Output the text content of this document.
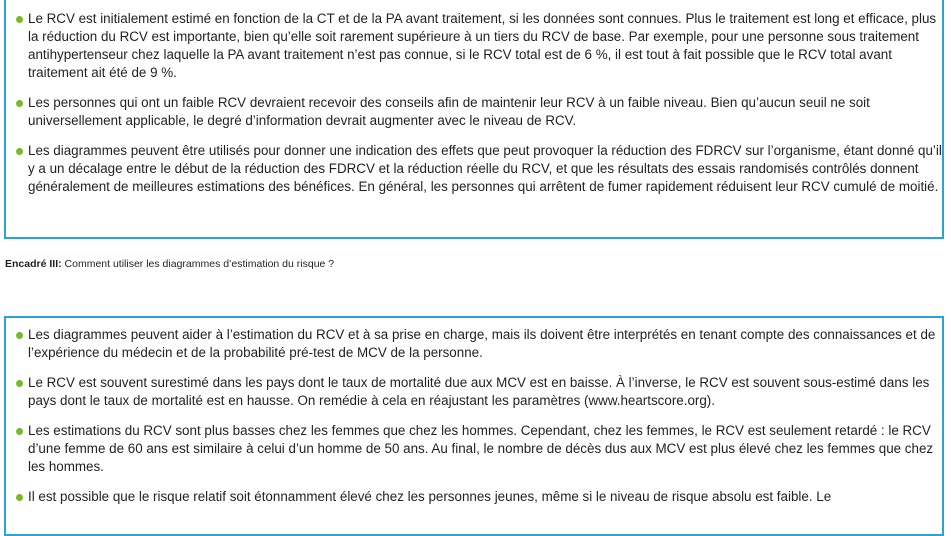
Le RCV est initialement estimé en fonction de la CT et de la PA avant traitement, si les données sont connues. Plus le traitement est long et efficace, plus la réduction du RCV est importante, bien qu’elle soit rarement supérieure à un tiers du RCV de base. Par exemple, pour une personne sous traitement antihypertenseur chez laquelle la PA avant traitement n’est pas connue, si le RCV total est de 6 %, il est tout à fait possible que le RCV total avant traitement ait été de 9 %.
Les personnes qui ont un faible RCV devraient recevoir des conseils afin de maintenir leur RCV à un faible niveau. Bien qu’aucun seuil ne soit universellement applicable, le degré d’information devrait augmenter avec le niveau de RCV.
Les diagrammes peuvent être utilisés pour donner une indication des effets que peut provoquer la réduction des FDRCV sur l’organisme, étant donné qu’il y a un décalage entre le début de la réduction des FDRCV et la réduction réelle du RCV, et que les résultats des essais randomisés contrôlés donnent généralement de meilleures estimations des bénéfices. En général, les personnes qui arrêtent de fumer rapidement réduisent leur RCV cumulé de moitié.
Encadré III: Comment utiliser les diagrammes d’estimation du risque ?
Les diagrammes peuvent aider à l’estimation du RCV et à sa prise en charge, mais ils doivent être interprétés en tenant compte des connaissances et de l’expérience du médecin et de la probabilité pré-test de MCV de la personne.
Le RCV est souvent surestimé dans les pays dont le taux de mortalité due aux MCV est en baisse. À l’inverse, le RCV est souvent sous-estimé dans les pays dont le taux de mortalité est en hausse. On remédie à cela en réajustant les paramètres (www.heartscore.org).
Les estimations du RCV sont plus basses chez les femmes que chez les hommes. Cependant, chez les femmes, le RCV est seulement retardé : le RCV d’une femme de 60 ans est similaire à celui d’un homme de 50 ans. Au final, le nombre de décès dus aux MCV est plus élevé chez les femmes que chez les hommes.
Il est possible que le risque relatif soit étonnamment élevé chez les personnes jeunes, même si le niveau de risque absolu est faible. Le
